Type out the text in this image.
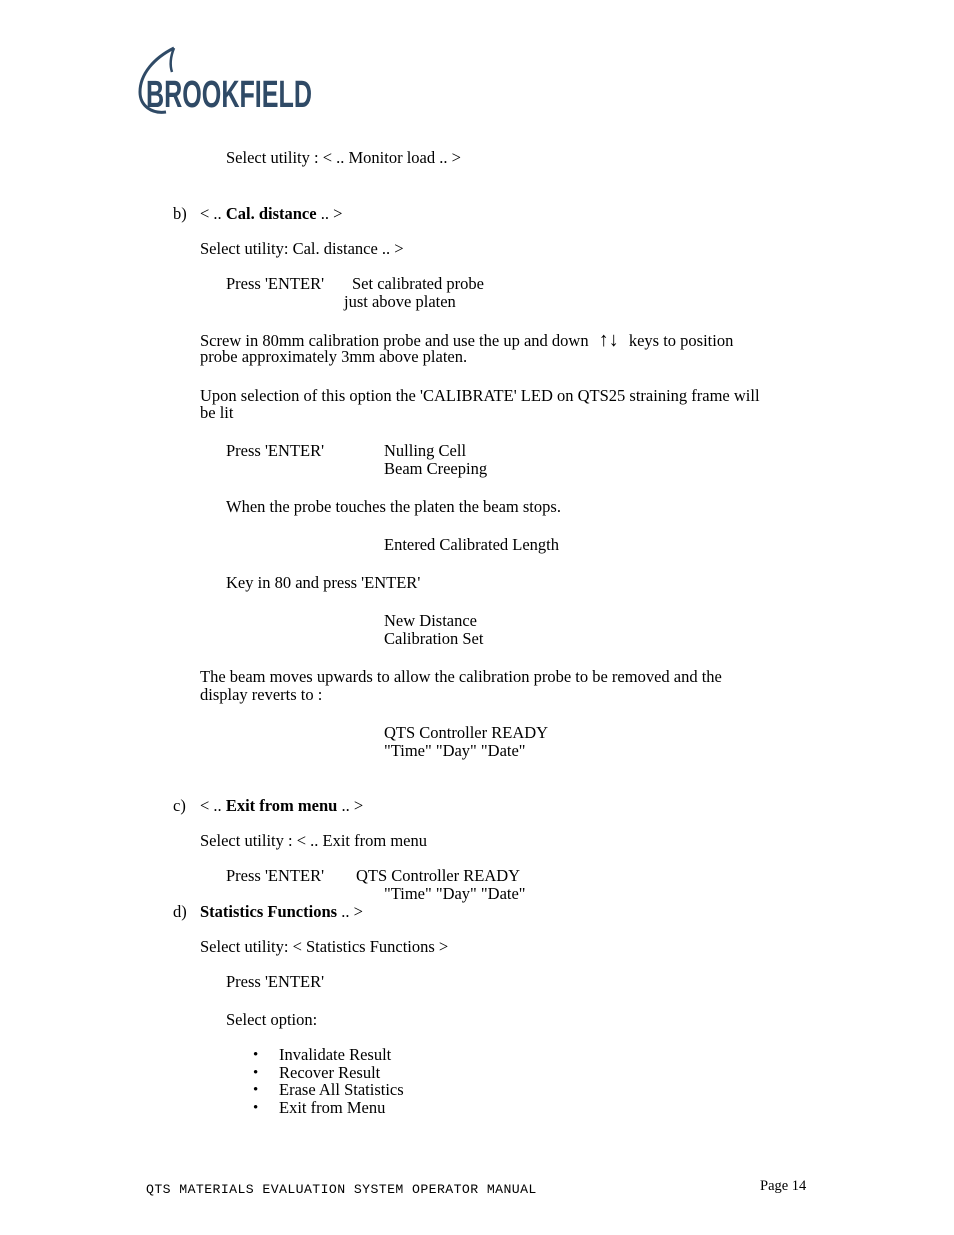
BROOKFIELD
Select utility : < .. Monitor load .. >
b) < .. Cal. distance .. >
Select utility: Cal. distance .. >
Press 'ENTER' Set calibrated probe
just above platen
Screw in 80mm calibration probe and use the up and down ↑↓ keys to position
probe approximately 3mm above platen.
Upon selection of this option the 'CALIBRATE' LED on QTS25 straining frame will
be lit
Press 'ENTER'	Nulling Cell
Beam Creeping
When the probe touches the platen the beam stops.
Entered Calibrated Length
Key in 80 and press 'ENTER'
New Distance
Calibration Set
The beam moves upwards to allow the calibration probe to be removed and the
display reverts to :
QTS Controller READY
"Time" "Day" "Date"
c) < .. Exit from menu .. >
Select utility : < .. Exit from menu
Press 'ENTER' QTS Controller READY
"Time" "Day" "Date"
d) Statistics Functions .. >
Select utility: < Statistics Functions >
Press 'ENTER'
Select option:
• Invalidate Result
• Recover Result
• Erase All Statistics
• Exit from Menu
QTS MATERIALS EVALUATION SYSTEM OPERATOR MANUAL	Page 14
